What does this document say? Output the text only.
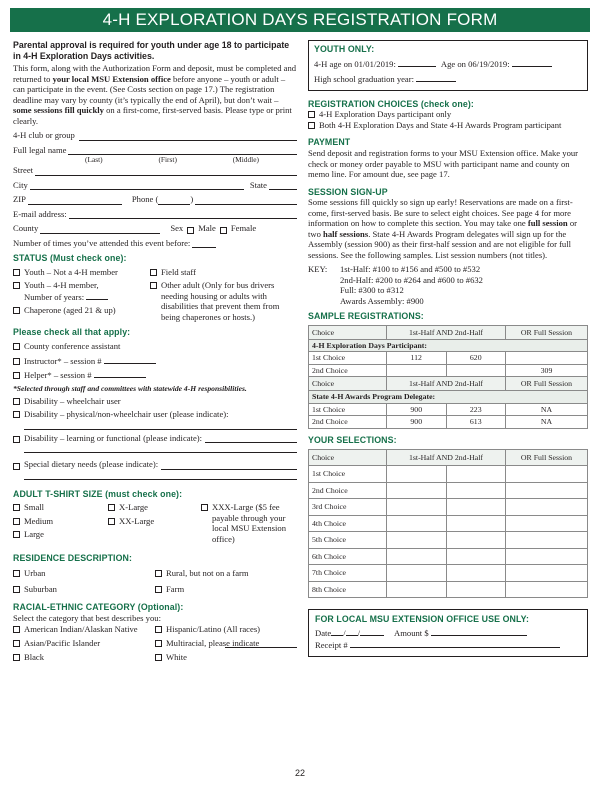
4-H EXPLORATION DAYS REGISTRATION FORM
Parental approval is required for youth under age 18 to participate in 4-H Exploration Days activities.
This form, along with the Authorization Form and deposit, must be completed and returned to your local MSU Extension office before anyone – youth or adult – can participate in the event. (See Costs section on page 17.) The registration deadline may vary by county (it’s typically the end of April), but don’t wait – some sessions fill quickly on a first-come, first-served basis. Please type or print clearly.
4-H club or group
Full legal name
(Last)	(First)	(Middle)
Street
City	State
ZIP	Phone (	)
E-mail address:
County	Sex Male Female
Number of times you’ve attended this event before:
STATUS (Must check one):
Youth – Not a 4-H member
Youth – 4-H member,
Number of years:
Chaperone (aged 21 & up)
Field staff
Other adult (Only for bus drivers needing housing or adults with disabilities that prevent them from being chaperones or hosts.)
Please check all that apply:
County conference assistant
Instructor* – session #
Helper* – session #
*Selected through staff and committees with statewide 4-H responsibilities.
Disability – wheelchair user
Disability – physical/non-wheelchair user (please indicate):
Disability – learning or functional (please indicate):
Special dietary needs (please indicate):
ADULT T-SHIRT SIZE (must check one):
Small
Medium
Large
X-Large
XX-Large
XXX-Large ($5 fee payable through your local MSU Extension office)
RESIDENCE DESCRIPTION:
Urban
Suburban
Rural, but not on a farm
Farm
RACIAL-ETHNIC CATEGORY (Optional):
Select the category that best describes you:
American Indian/Alaskan Native
Asian/Pacific Islander
Black
Hispanic/Latino (All races)
Multiracial, please indicate
White
YOUTH ONLY:
4-H age on 01/01/2019:	Age on 06/19/2019:
High school graduation year:
REGISTRATION CHOICES (check one):
4-H Exploration Days participant only
Both 4-H Exploration Days and State 4-H Awards Program participant
PAYMENT
Send deposit and registration forms to your MSU Extension office. Make your check or money order payable to MSU with participant name and county on memo line. For amount due, see page 17.
SESSION SIGN-UP
Some sessions fill quickly so sign up early! Reservations are made on a first-come, first-served basis. Be sure to select eight choices. See page 4 for more information on how to complete this section. You may take one full session or two half sessions. State 4-H Awards Program delegates will sign up for the Assembly (session 900) as their first-half session and are not eligible for full sessions. See the following samples. List session numbers (not titles).
KEY:	1st-Half: #100 to #156 and #500 to #532
2nd-Half: #200 to #264 and #600 to #632
Full: #300 to #312
Awards Assembly: #900
SAMPLE REGISTRATIONS:
Choice	1st-Half AND 2nd-Half		OR Full Session
4-H Exploration Days Participant:			
1st Choice	112	620	
2nd Choice			309
Choice	1st-Half AND 2nd-Half		OR Full Session
State 4-H Awards Program Delegate:			
1st Choice	900	223	NA
2nd Choice	900	613	NA
YOUR SELECTIONS:
Choice	1st-Half AND 2nd-Half		OR Full Session
1st Choice			
2nd Choice			
3rd Choice			
4th Choice			
5th Choice			
6th Choice			
7th Choice			
8th Choice			
FOR LOCAL MSU EXTENSION OFFICE USE ONLY:
Date / /	Amount $
Receipt #
22
